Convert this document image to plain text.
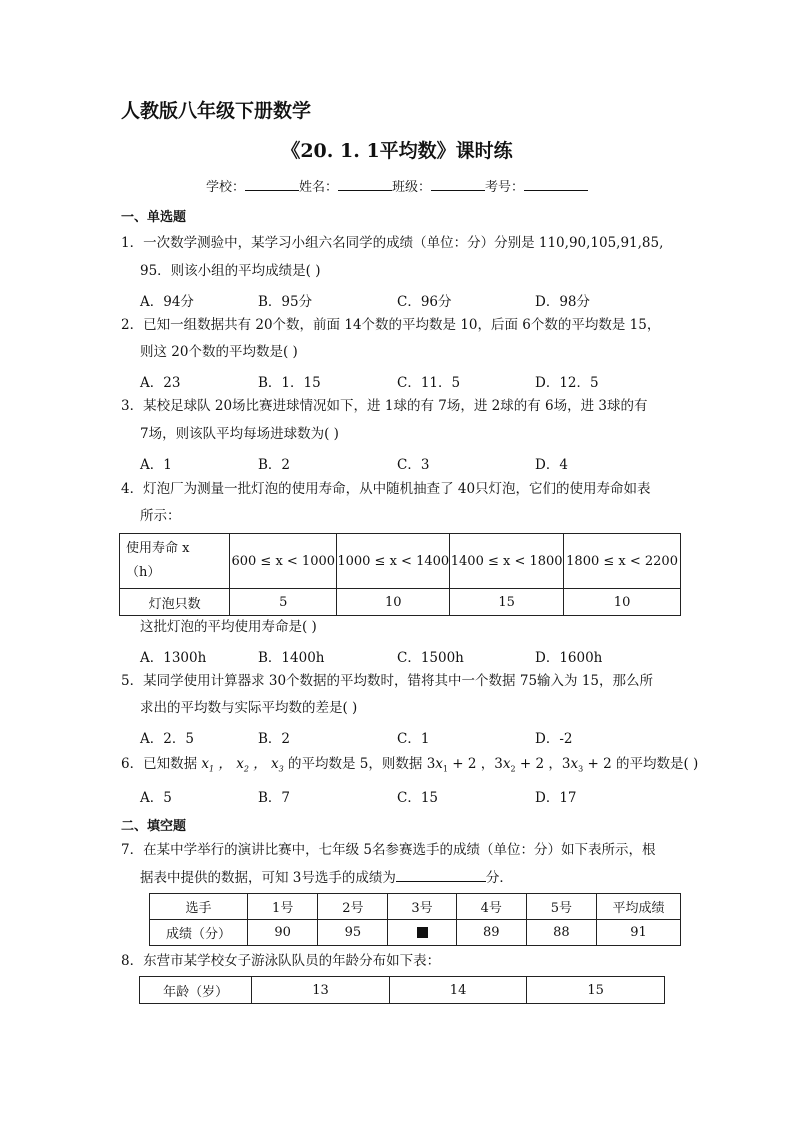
人教版八年级下册数学
《20. 1. 1平均数》课时练
学校：	姓名：	班级：	考号：
一、单选题
1．一次数学测验中，某学习小组六名同学的成绩（单位：分）分别是 110,90,105,91,85,
95．则该小组的平均成绩是( )
A．94分	B．95分	C．96分	D．98分
2．已知一组数据共有 20个数，前面 14个数的平均数是 10，后面 6个数的平均数是 15，
则这 20个数的平均数是( )
A．23	B．1．15	C．11．5	D．12．5
3．某校足球队 20场比赛进球情况如下，进 1球的有 7场，进 2球的有 6场，进 3球的有
7场，则该队平均每场进球数为( )
A．1	B．2	C．3	D．4
4．灯泡厂为测量一批灯泡的使用寿命，从中随机抽查了 40只灯泡，它们的使用寿命如表
所示：
使用寿命 x
（h）	600 ≤ x < 1000	1000 ≤ x < 1400	1400 ≤ x < 1800	1800 ≤ x < 2200
灯泡只数	5	10	15	10
这批灯泡的平均使用寿命是( )
A．1300h	B．1400h	C．1500h	D．1600h
5．某同学使用计算器求 30个数据的平均数时，错将其中一个数据 75输入为 15，那么所
求出的平均数与实际平均数的差是( )
A．2．5	B．2	C．1	D．-2
6．已知数据 $x_1$ ， $x_2$ ， $x_3$ 的平均数是 5，则数据 $3x_1 + 2$ ，$3x_2 + 2$ ，$3x_3 + 2$ 的平均数是( )
A．5	B．7	C．15	D．17
二、填空题
7．在某中学举行的演讲比赛中，七年级 5名参赛选手的成绩（单位：分）如下表所示，根
据表中提供的数据，可知 3号选手的成绩为	分．
选手	1号	2号	3号	4号	5号	平均成绩
成绩（分）	90	95		89	88	91
8．东营市某学校女子游泳队队员的年龄分布如下表：
年龄（岁）	13	14	15
